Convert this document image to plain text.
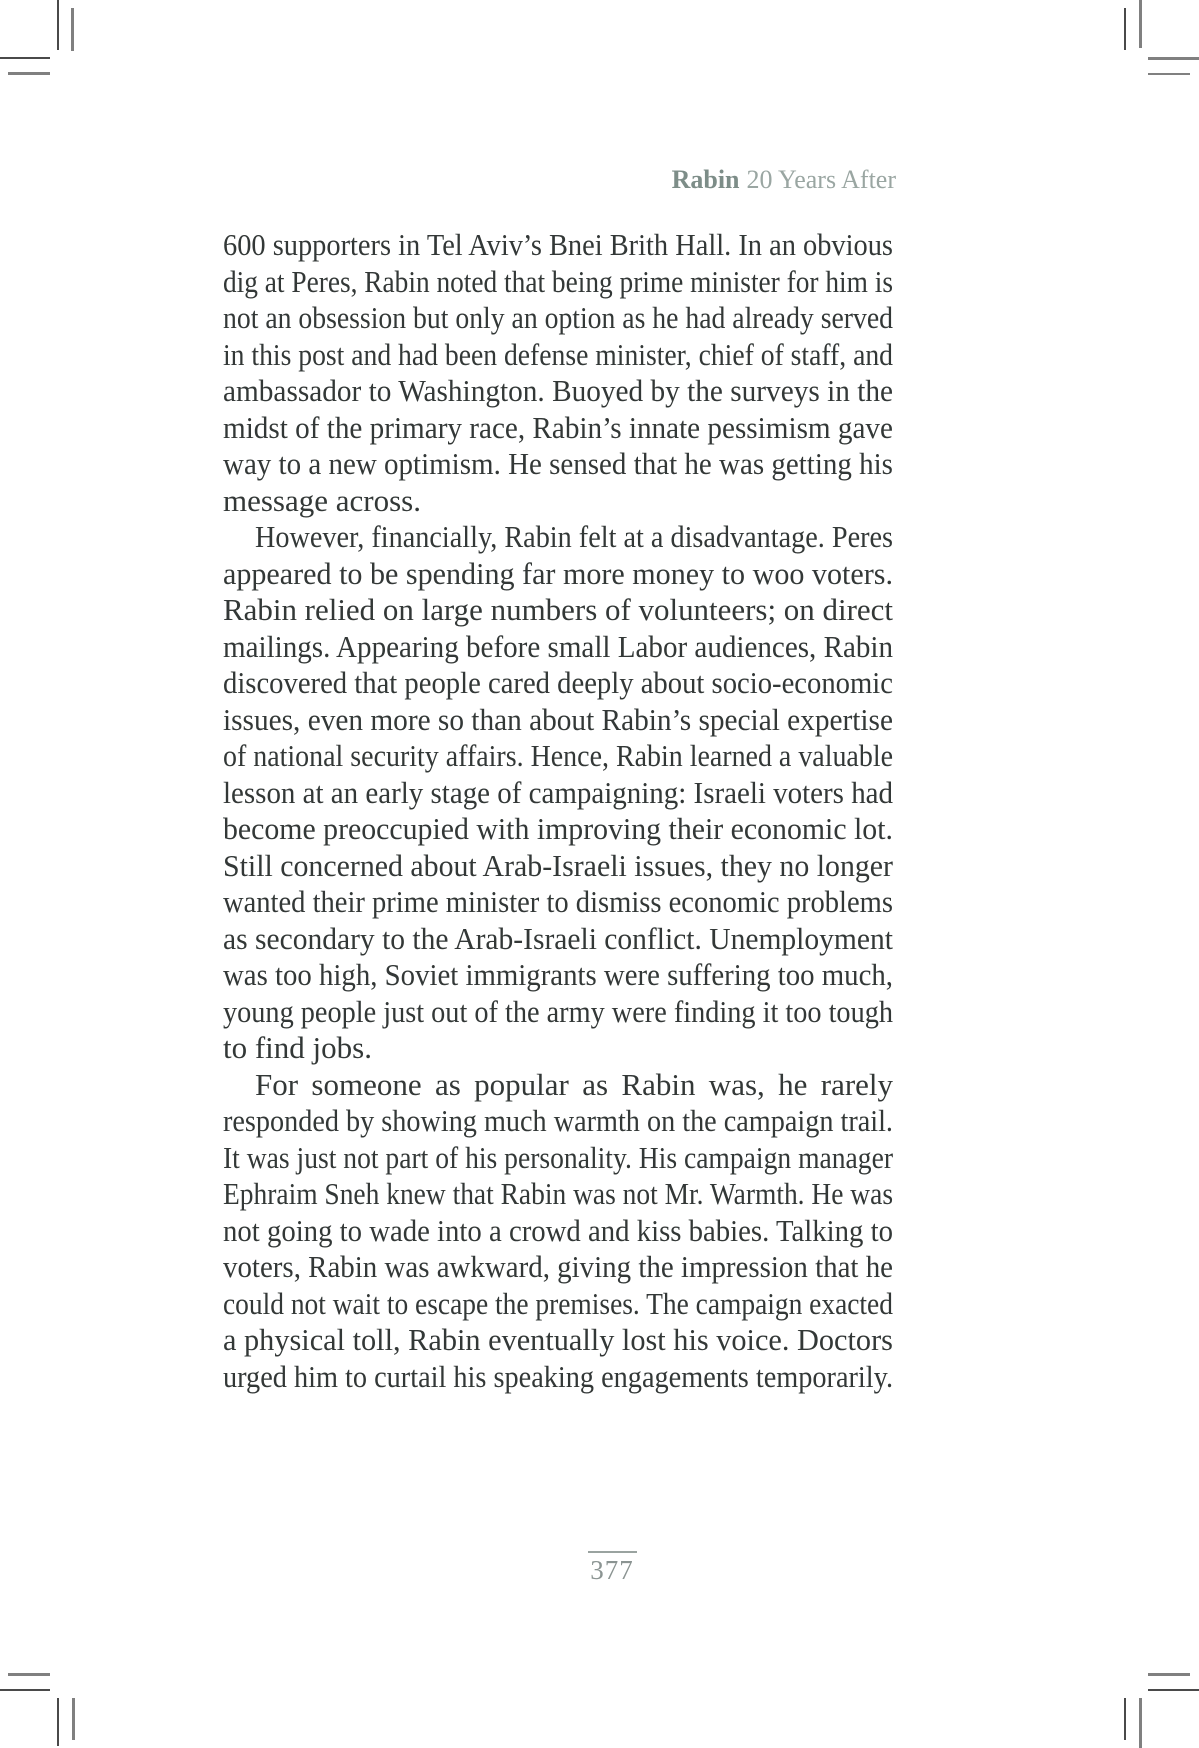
Rabin 20 Years After
600 supporters in Tel Aviv’s Bnei Brith Hall. In an obvious
dig at Peres, Rabin noted that being prime minister for him is
not an obsession but only an option as he had already served
in this post and had been defense minister, chief of staff, and
ambassador to Washington. Buoyed by the surveys in the
midst of the primary race, Rabin’s innate pessimism gave
way to a new optimism. He sensed that he was getting his
message across.
However, financially, Rabin felt at a disadvantage. Peres
appeared to be spending far more money to woo voters.
Rabin relied on large numbers of volunteers; on direct
mailings. Appearing before small Labor audiences, Rabin
discovered that people cared deeply about socio-economic
issues, even more so than about Rabin’s special expertise
of national security affairs. Hence, Rabin learned a valuable
lesson at an early stage of campaigning: Israeli voters had
become preoccupied with improving their economic lot.
Still concerned about Arab-Israeli issues, they no longer
wanted their prime minister to dismiss economic problems
as secondary to the Arab-Israeli conflict. Unemployment
was too high, Soviet immigrants were suffering too much,
young people just out of the army were finding it too tough
to find jobs.
For someone as popular as Rabin was, he rarely
responded by showing much warmth on the campaign trail.
It was just not part of his personality. His campaign manager
Ephraim Sneh knew that Rabin was not Mr. Warmth. He was
not going to wade into a crowd and kiss babies. Talking to
voters, Rabin was awkward, giving the impression that he
could not wait to escape the premises. The campaign exacted
a physical toll, Rabin eventually lost his voice. Doctors
urged him to curtail his speaking engagements temporarily.
377
